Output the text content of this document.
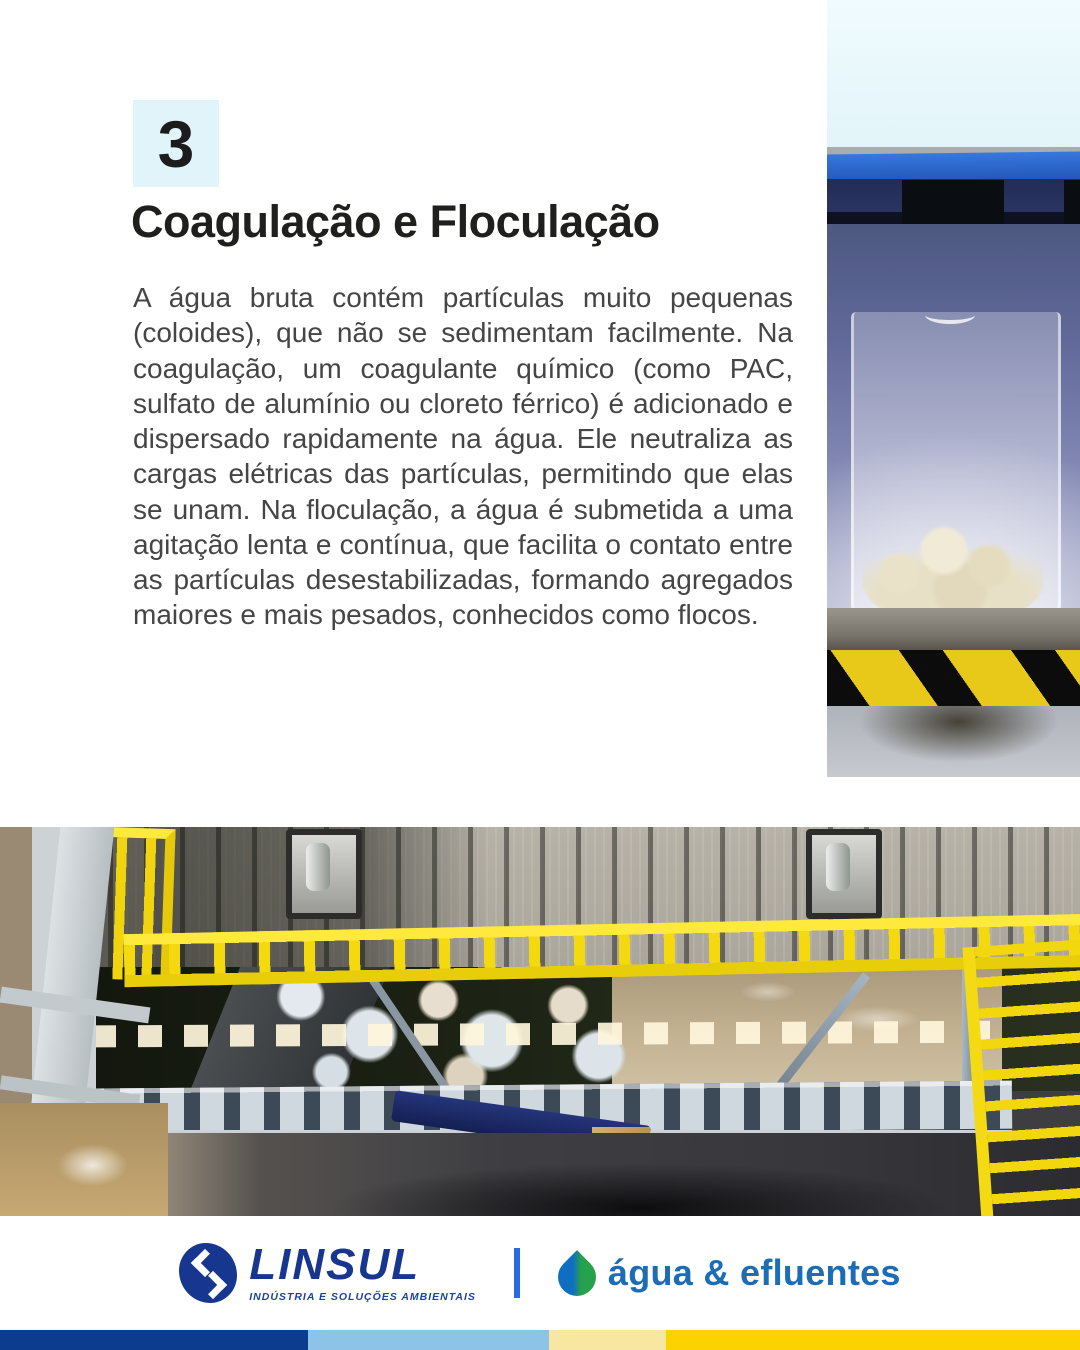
3
Coagulação e Floculação

A água bruta contém partículas muito pequenas (coloides), que não se sedimentam facilmente. Na coagulação, um coagulante químico (como PAC, sulfato de alumínio ou cloreto férrico) é adicionado e dispersado rapidamente na água. Ele neutraliza as cargas elétricas das partículas, permitindo que elas se unam. Na floculação, a água é submetida a uma agitação lenta e contínua, que facilita o contato entre as partículas desestabilizadas, formando agregados maiores e mais pesados, conhecidos como flocos.

LINSUL
INDÚSTRIA E SOLUÇÕES AMBIENTAIS
água & efluentes
